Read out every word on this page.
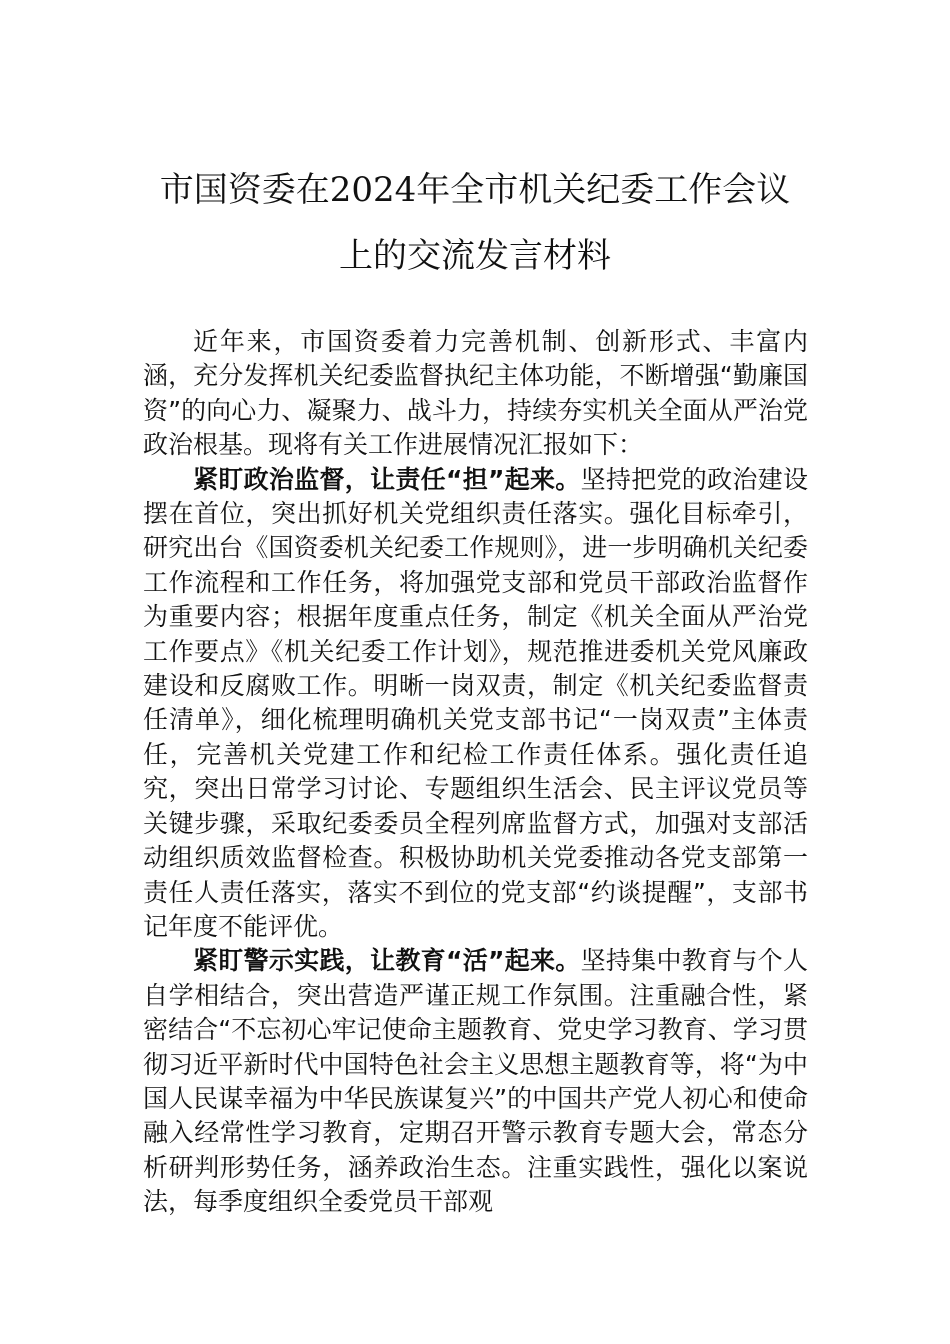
市国资委在2024年全市机关纪委工作会议
上的交流发言材料

近年来，市国资委着力完善机制、创新形式、丰富内涵，充分发挥机关纪委监督执纪主体功能，不断增强“勤廉国资”的向心力、凝聚力、战斗力，持续夯实机关全面从严治党政治根基。现将有关工作进展情况汇报如下：

紧盯政治监督，让责任“担”起来。坚持把党的政治建设摆在首位，突出抓好机关党组织责任落实。强化目标牵引，研究出台《国资委机关纪委工作规则》，进一步明确机关纪委工作流程和工作任务，将加强党支部和党员干部政治监督作为重要内容；根据年度重点任务，制定《机关全面从严治党工作要点》《机关纪委工作计划》，规范推进委机关党风廉政建设和反腐败工作。明晰一岗双责，制定《机关纪委监督责任清单》，细化梳理明确机关党支部书记“一岗双责”主体责任，完善机关党建工作和纪检工作责任体系。强化责任追究，突出日常学习讨论、专题组织生活会、民主评议党员等关键步骤，采取纪委委员全程列席监督方式，加强对支部活动组织质效监督检查。积极协助机关党委推动各党支部第一责任人责任落实，落实不到位的党支部“约谈提醒”，支部书记年度不能评优。

紧盯警示实践，让教育“活”起来。坚持集中教育与个人自学相结合，突出营造严谨正规工作氛围。注重融合性，紧密结合“不忘初心牢记使命主题教育、党史学习教育、学习贯彻习近平新时代中国特色社会主义思想主题教育等，将“为中国人民谋幸福为中华民族谋复兴”的中国共产党人初心和使命融入经常性学习教育，定期召开警示教育专题大会，常态分析研判形势任务，涵养政治生态。注重实践性，强化以案说法，每季度组织全委党员干部观
